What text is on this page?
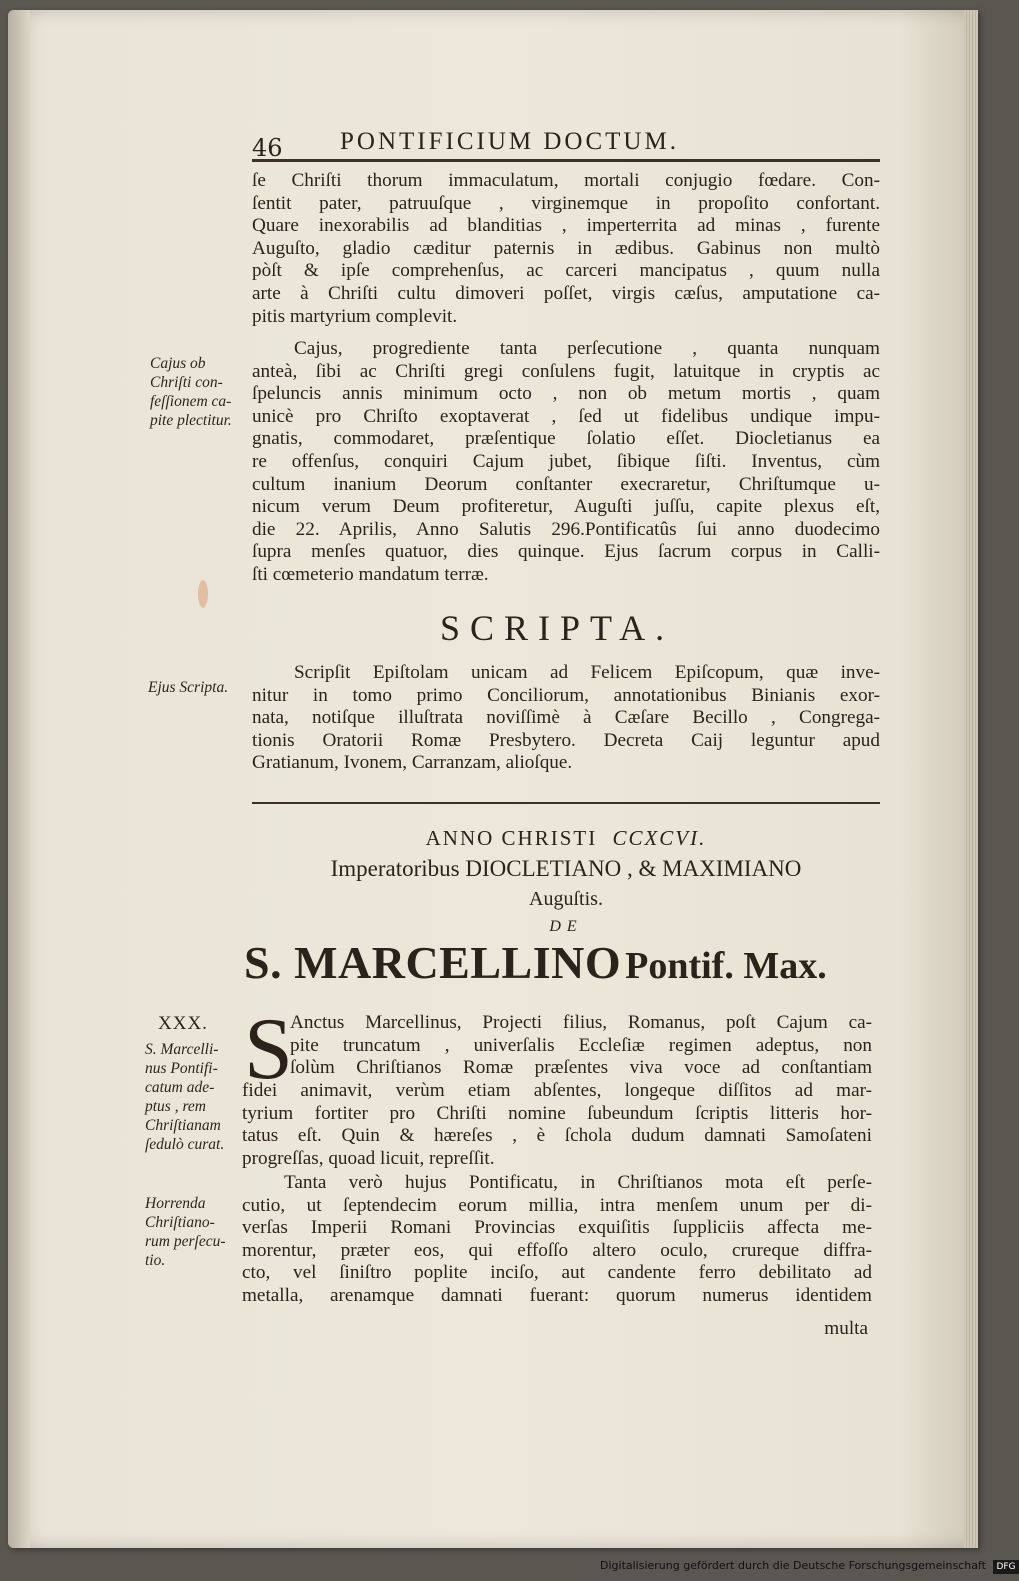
46 PONTIFICIUM DOCTUM.
ſe Chriſti thorum immaculatum, mortali conjugio fœdare. Con-
ſentit pater, patruuſque , virginemque in propoſito confortant.
Quare inexorabilis ad blanditias , imperterrita ad minas , furente
Auguſto, gladio cæditur paternis in ædibus. Gabinus non multò
pòſt & ipſe comprehenſus, ac carceri mancipatus , quum nulla
arte à Chriſti cultu dimoveri poſſet, virgis cæſus, amputatione ca-
pitis martyrium complevit.
Cajus ob
Chriſti con-
feſſionem ca-
pite plectitur.
Cajus, progrediente tanta perſecutione , quanta nunquam
anteà, ſibi ac Chriſti gregi conſulens fugit, latuitque in cryptis ac
ſpeluncis annis minimum octo , non ob metum mortis , quam
unicè pro Chriſto exoptaverat , ſed ut fidelibus undique impu-
gnatis, commodaret, præſentique ſolatio eſſet. Diocletianus ea
re offenſus, conquiri Cajum jubet, ſibique ſiſti. Inventus, cùm
cultum inanium Deorum conſtanter execraretur, Chriſtumque u-
nicum verum Deum profiteretur, Auguſti juſſu, capite plexus eſt,
die 22. Aprilis, Anno Salutis 296.Pontificatûs ſui anno duodecimo
ſupra menſes quatuor, dies quinque. Ejus ſacrum corpus in Calli-
ſti cœmeterio mandatum terræ.
SCRIPTA.
Ejus Scripta.
Scripſit Epiſtolam unicam ad Felicem Epiſcopum, quæ inve-
nitur in tomo primo Conciliorum, annotationibus Binianis exor-
nata, notiſque illuſtrata noviſſimè à Cæſare Becillo , Congrega-
tionis Oratorii Romæ Presbytero. Decreta Caij leguntur apud
Gratianum, Ivonem, Carranzam, alioſque.
ANNO CHRISTI CCXCVI.
Imperatoribus DIOCLETIANO , & MAXIMIANO
Auguſtis.
DE
S. MARCELLINO Pontif. Max.
XXX.
S. Marcelli-
nus Pontifi-
catum ade-
ptus , rem
Chriſtianam
ſedulò curat.
Horrenda
Chriſtiano-
rum perſecu-
tio.
S
Anctus Marcellinus, Projecti filius, Romanus, poſt Cajum ca-
pite truncatum , univerſalis Eccleſiæ regimen adeptus, non
ſolùm Chriſtianos Romæ præſentes viva voce ad conſtantiam
fidei animavit, verùm etiam abſentes, longeque diſſitos ad mar-
tyrium fortiter pro Chriſti nomine ſubeundum ſcriptis litteris hor-
tatus eſt. Quin & hæreſes , è ſchola dudum damnati Samoſateni
progreſſas, quoad licuit, repreſſit.
Tanta verò hujus Pontificatu, in Chriſtianos mota eſt perſe-
cutio, ut ſeptendecim eorum millia, intra menſem unum per di-
verſas Imperii Romani Provincias exquiſitis ſuppliciis affecta me-
morentur, præter eos, qui effoſſo altero oculo, crureque diffra-
cto, vel ſiniſtro poplite inciſo, aut candente ferro debilitato ad
metalla, arenamque damnati fuerant: quorum numerus identidem
multa
Digitalisierung gefördert durch die Deutsche Forschungsgemeinschaft DFG
